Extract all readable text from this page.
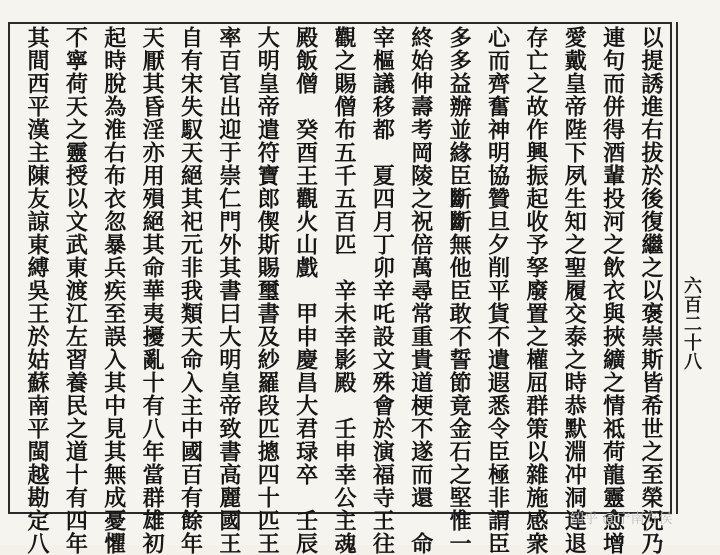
以提誘進右拔於後復繼之以褒崇斯皆希世之至榮況乃
連句而併得酒輩投河之飲衣與挾纊之情祗荷龍靈愈增
愛戴皇帝陛下夙生知之聖履交泰之時恭默淵冲洞達退
存亡之故作興振起收予孥廢置之權屈群策以雜施感衆
心而齊奮神明協贊旦夕削平貨不遺遐悉令臣極非謂臣
多多益辦並緣臣斷斷無他臣敢不誓節竟金石之堅惟一
終始伸壽考岡陵之祝倍萬尋常重貴道梗不遂而還　命
宰樞議移都　夏四月丁卯辛吒設文殊會於演福寺王往
觀之賜僧布五千五百匹　辛未幸影殿　壬申幸公主魂
殿飯僧　癸酉王觀火山戲　甲申慶昌大君琭卒　壬辰
大明皇帝遣符寶郎偰斯賜璽書及紗羅段匹摠四十匹王
率百官出迎于崇仁門外其書曰大明皇帝致書高麗國王
自有宋失馭天絕其祀元非我類天命入主中國百有餘年
天厭其昏淫亦用殞絕其命華夷擾亂十有八年當群雄初
起時脫為淮右布衣忽暴兵疾至誤入其中見其無成憂懼
不寧荷天之靈授以文武東渡江左習養民之道十有四年
其間西平漢主陳友諒東縛吳王於姑蘇南平閩越勘定八	六百二十八
知乎 @宁南方侯
